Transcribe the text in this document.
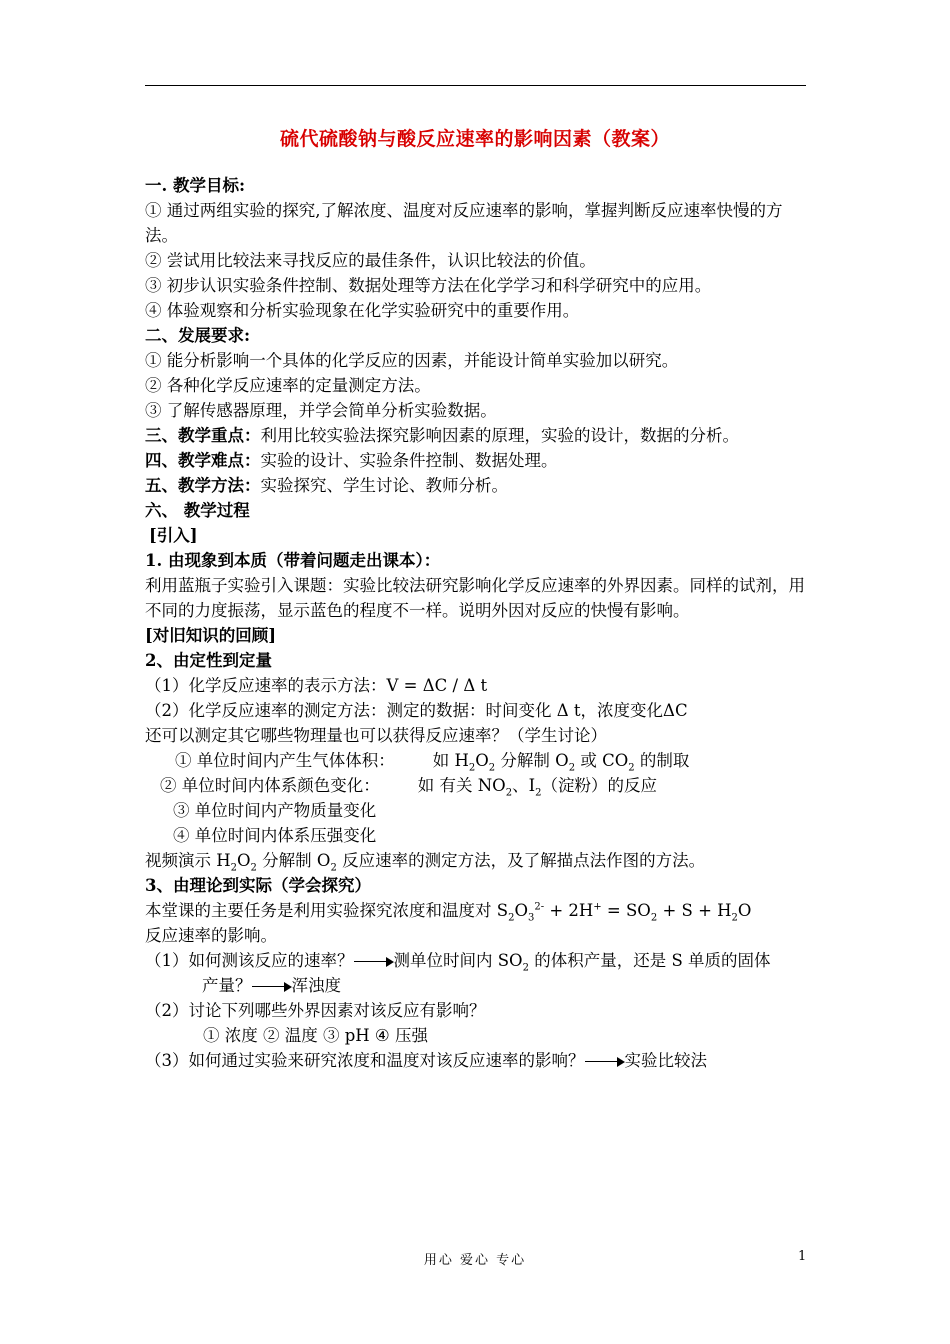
硫代硫酸钠与酸反应速率的影响因素（教案）
一. 教学目标:
① 通过两组实验的探究,了解浓度、温度对反应速率的影响，掌握判断反应速率快慢的方法。
② 尝试用比较法来寻找反应的最佳条件，认识比较法的价值。
③ 初步认识实验条件控制、数据处理等方法在化学学习和科学研究中的应用。
④ 体验观察和分析实验现象在化学实验研究中的重要作用。
二、发展要求:
① 能分析影响一个具体的化学反应的因素，并能设计简单实验加以研究。
② 各种化学反应速率的定量测定方法。
③ 了解传感器原理，并学会简单分析实验数据。
三、教学重点：利用比较实验法探究影响因素的原理，实验的设计，数据的分析。
四、教学难点：实验的设计、实验条件控制、数据处理。
五、教学方法：实验探究、学生讨论、教师分析。
六、 教学过程
[引入]
1. 由现象到本质（带着问题走出课本）：
利用蓝瓶子实验引入课题：实验比较法研究影响化学反应速率的外界因素。同样的试剂，用不同的力度振荡，显示蓝色的程度不一样。说明外因对反应的快慢有影响。
[对旧知识的回顾]
2、由定性到定量
（1）化学反应速率的表示方法：V = ΔC / Δ t
（2）化学反应速率的测定方法：测定的数据：时间变化 Δ t，浓度变化ΔC
还可以测定其它哪些物理量也可以获得反应速率？（学生讨论）
① 单位时间内产生气体体积： 如 $H_2O_2$ 分解制 $O_2$ 或 $CO_2$ 的制取
② 单位时间内体系颜色变化： 如 有关 $NO_2$、$I_2$（淀粉）的反应
③ 单位时间内产物质量变化
④ 单位时间内体系压强变化
视频演示 $H_2O_2$ 分解制 $O_2$ 反应速率的测定方法，及了解描点法作图的方法。
3、由理论到实际（学会探究）
本堂课的主要任务是利用实验探究浓度和温度对 $S_2O_3^{2-} + 2H^+ = SO_2 + S + H_2O$
反应速率的影响。
（1）如何测该反应的速率？ 测单位时间内 $SO_2$ 的体积产量，还是 S 单质的固体
产量？ 浑浊度
（2）讨论下列哪些外界因素对该反应有影响？
① 浓度 ② 温度 ③ pH ④ 压强
（3）如何通过实验来研究浓度和温度对该反应速率的影响？ 实验比较法
用心 爱心 专心	1
